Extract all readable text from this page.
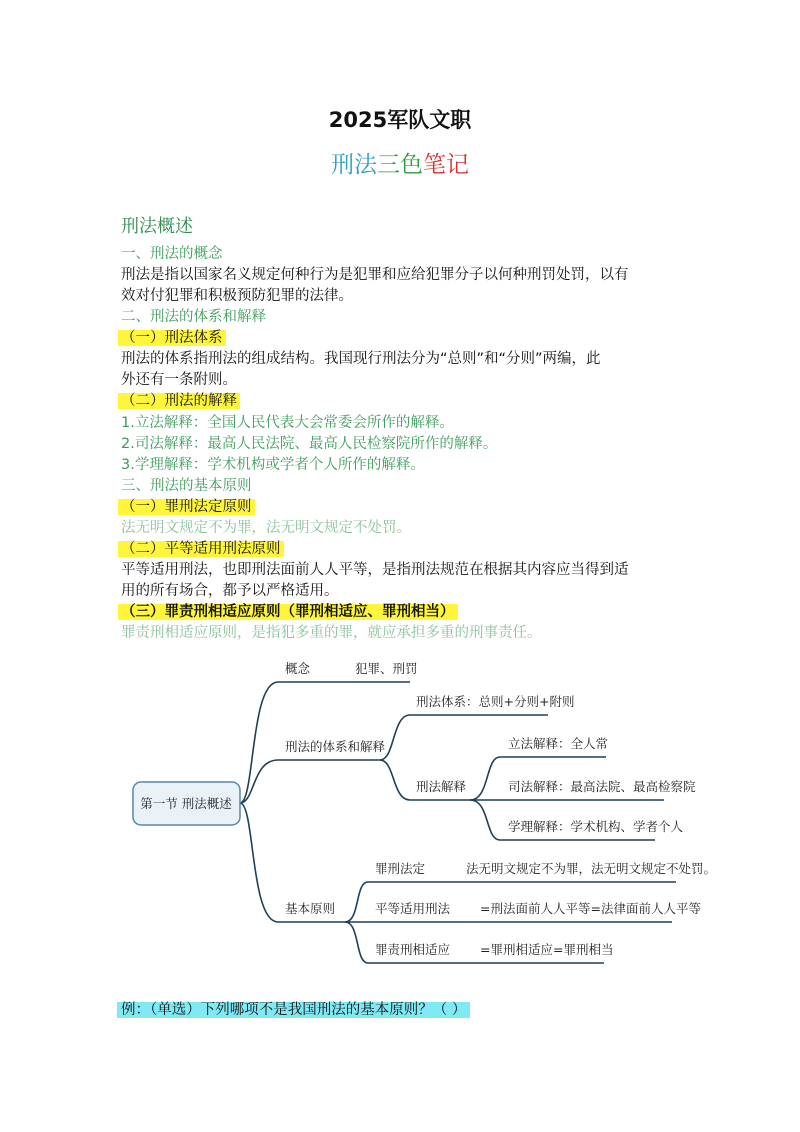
2025军队文职
刑法三色笔记
刑法概述
一、刑法的概念
刑法是指以国家名义规定何种行为是犯罪和应给犯罪分子以何种刑罚处罚，以有
效对付犯罪和积极预防犯罪的法律。
二、刑法的体系和解释
（一）刑法体系
刑法的体系指刑法的组成结构。我国现行刑法分为“总则”和“分则”两编，此
外还有一条附则。
（二）刑法的解释
1.立法解释：全国人民代表大会常委会所作的解释。
2.司法解释：最高人民法院、最高人民检察院所作的解释。
3.学理解释：学术机构或学者个人所作的解释。
三、刑法的基本原则
（一）罪刑法定原则
法无明文规定不为罪，法无明文规定不处罚。
（二）平等适用刑法原则
平等适用刑法，也即刑法面前人人平等，是指刑法规范在根据其内容应当得到适
用的所有场合，都予以严格适用。
（三）罪责刑相适应原则（罪刑相适应、罪刑相当）
罪责刑相适应原则，是指犯多重的罪，就应承担多重的刑事责任。
第一节 刑法概述
概念	犯罪、刑罚
刑法的体系和解释
刑法体系：总则+分则+附则
刑法解释
立法解释：全人常
司法解释：最高法院、最高检察院
学理解释：学术机构、学者个人
基本原则
罪刑法定
平等适用刑法
罪责刑相适应
法无明文规定不为罪，法无明文规定不处罚。
=刑法面前人人平等=法律面前人人平等
=罪刑相适应=罪刑相当
例：（单选）下列哪项不是我国刑法的基本原则？（ ）
